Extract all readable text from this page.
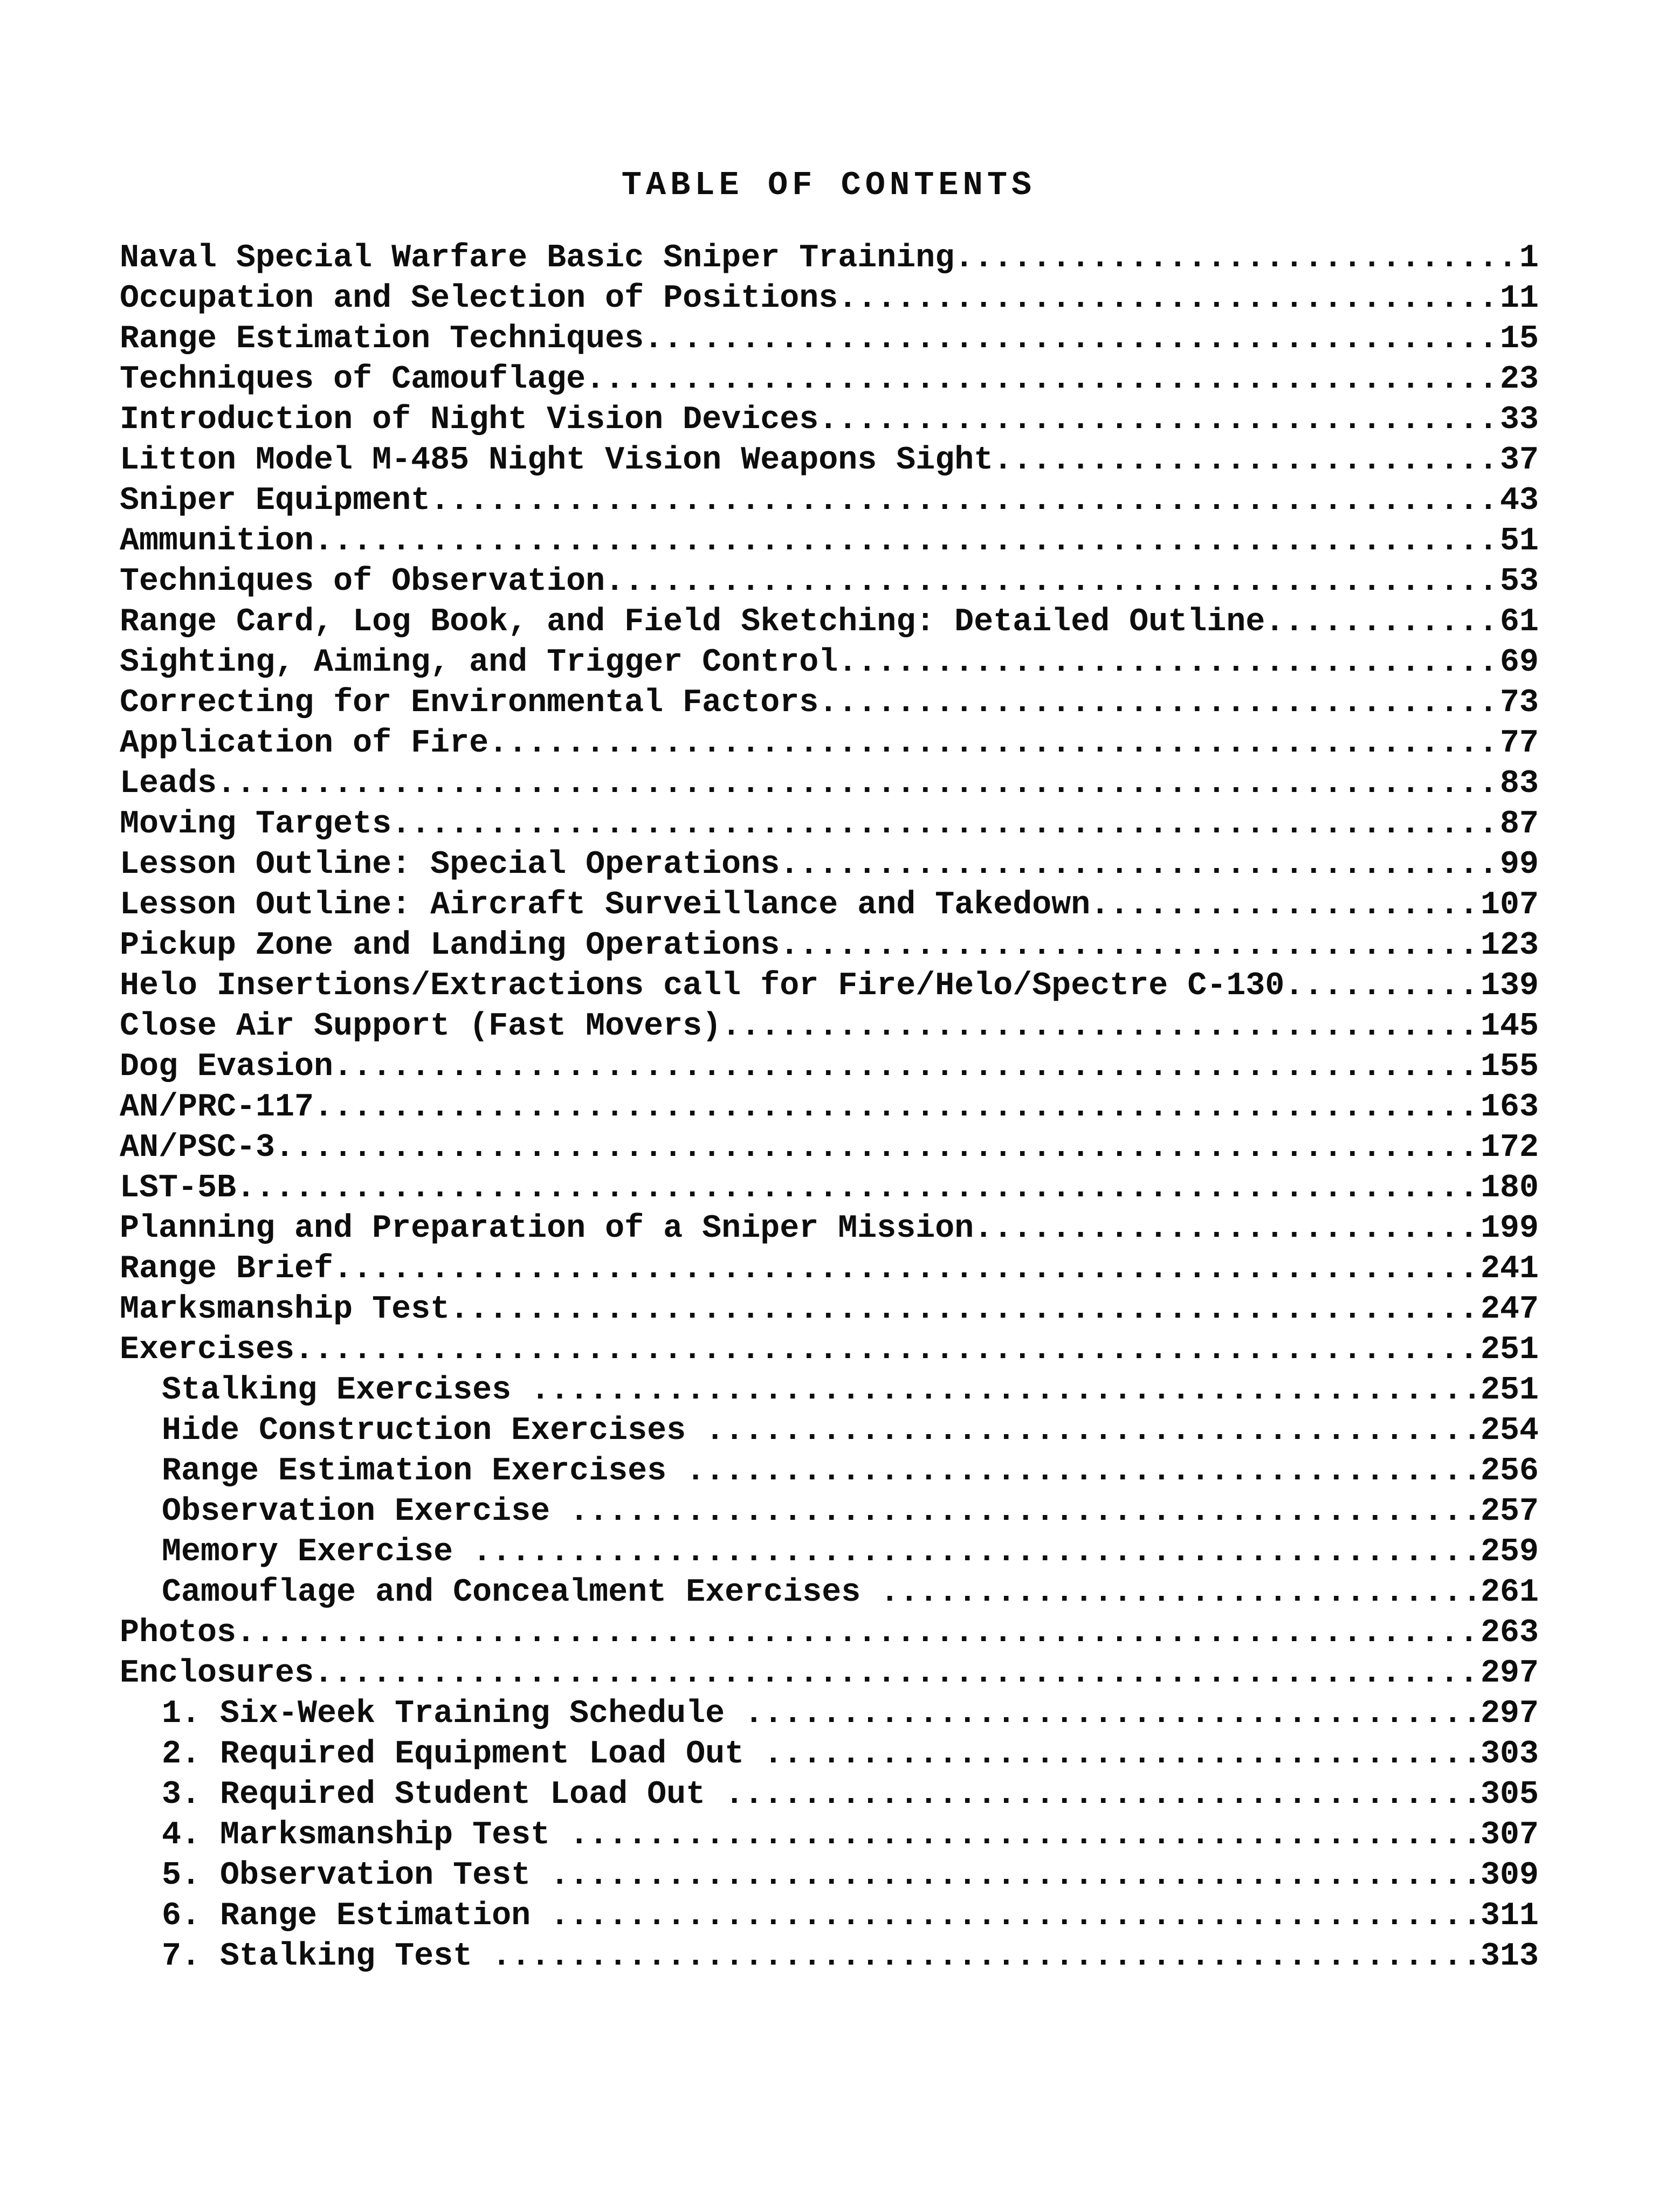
TABLE OF CONTENTS
Naval Special Warfare Basic Sniper Training .....	1
Occupation and Selection of Positions .....	11
Range Estimation Techniques .....	15
Techniques of Camouflage .....	23
Introduction of Night Vision Devices .....	33
Litton Model M-485 Night Vision Weapons Sight .....	37
Sniper Equipment .....	43
Ammunition .....	51
Techniques of Observation .....	53
Range Card, Log Book, and Field Sketching: Detailed Outline .....	61
Sighting, Aiming, and Trigger Control .....	69
Correcting for Environmental Factors .....	73
Application of Fire .....	77
Leads .....	83
Moving Targets .....	87
Lesson Outline: Special Operations .....	99
Lesson Outline: Aircraft Surveillance and Takedown .....	107
Pickup Zone and Landing Operations .....	123
Helo Insertions/Extractions call for Fire/Helo/Spectre C-130 .....	139
Close Air Support (Fast Movers) .....	145
Dog Evasion .....	155
AN/PRC-117 .....	163
AN/PSC-3 .....	172
LST-5B .....	180
Planning and Preparation of a Sniper Mission .....	199
Range Brief .....	241
Marksmanship Test .....	247
Exercises .....	251
Stalking Exercises .....	251
Hide Construction Exercises .....	254
Range Estimation Exercises .....	256
Observation Exercise .....	257
Memory Exercise .....	259
Camouflage and Concealment Exercises .....	261
Photos .....	263
Enclosures .....	297
1. Six-Week Training Schedule .....	297
2. Required Equipment Load Out .....	303
3. Required Student Load Out .....	305
4. Marksmanship Test .....	307
5. Observation Test .....	309
6. Range Estimation .....	311
7. Stalking Test .....	313
